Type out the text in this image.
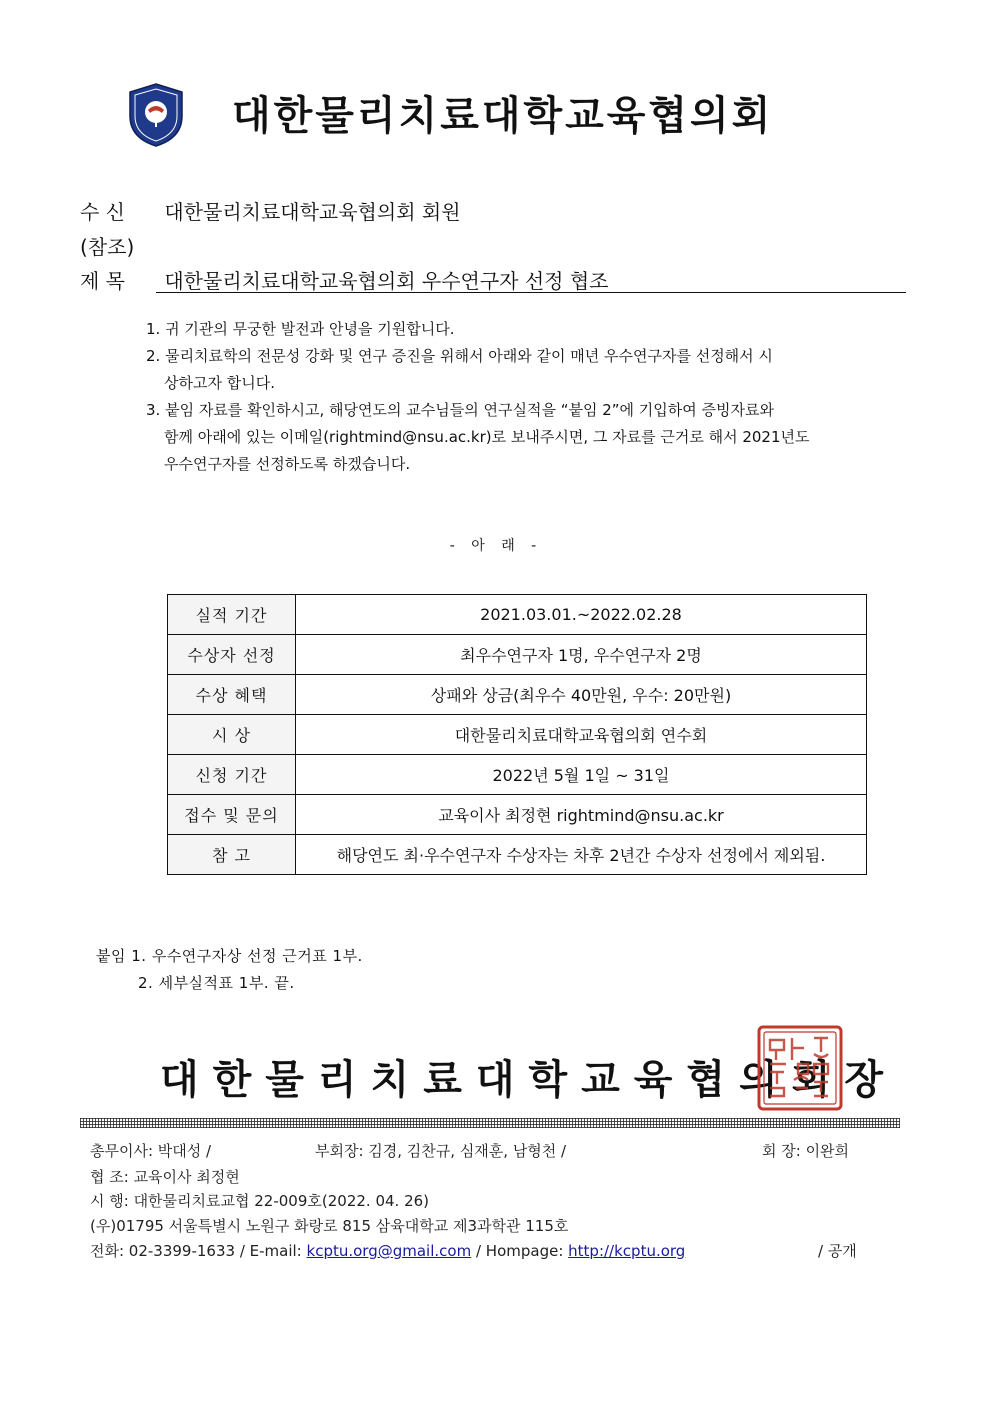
대한물리치료대학교육협의회
수 신 대한물리치료대학교육협의회 회원
(참조)
제 목 대한물리치료대학교육협의회 우수연구자 선정 협조
1. 귀 기관의 무궁한 발전과 안녕을 기원합니다.
2. 물리치료학의 전문성 강화 및 연구 증진을 위해서 아래와 같이 매년 우수연구자를 선정해서 시
상하고자 합니다.
3. 붙임 자료를 확인하시고, 해당연도의 교수님들의 연구실적을 “붙임 2”에 기입하여 증빙자료와
함께 아래에 있는 이메일(rightmind@nsu.ac.kr)로 보내주시면, 그 자료를 근거로 해서 2021년도
우수연구자를 선정하도록 하겠습니다.
- 아 래 -
실적 기간	2021.03.01.~2022.02.28
수상자 선정	최우수연구자 1명, 우수연구자 2명
수상 혜택	상패와 상금(최우수 40만원, 우수: 20만원)
시 상	대한물리치료대학교육협의회 연수회
신청 기간	2022년 5월 1일 ~ 31일
접수 및 문의	교육이사 최정현 rightmind@nsu.ac.kr
참 고	해당연도 최·우수연구자 수상자는 차후 2년간 수상자 선정에서 제외됨.
붙임 1. 우수연구자상 선정 근거표 1부.
2. 세부실적표 1부. 끝.
대한물리치료대학교육협의회장
총무이사: 박대성 /	부회장: 김경, 김찬규, 심재훈, 남형천 /	회 장: 이완희
협 조: 교육이사 최정현
시 행: 대한물리치료교협 22-009호(2022. 04. 26)
(우)01795 서울특별시 노원구 화랑로 815 삼육대학교 제3과학관 115호
전화: 02-3399-1633 / E-mail: kcptu.org@gmail.com / Hompage: http://kcptu.org	/ 공개
